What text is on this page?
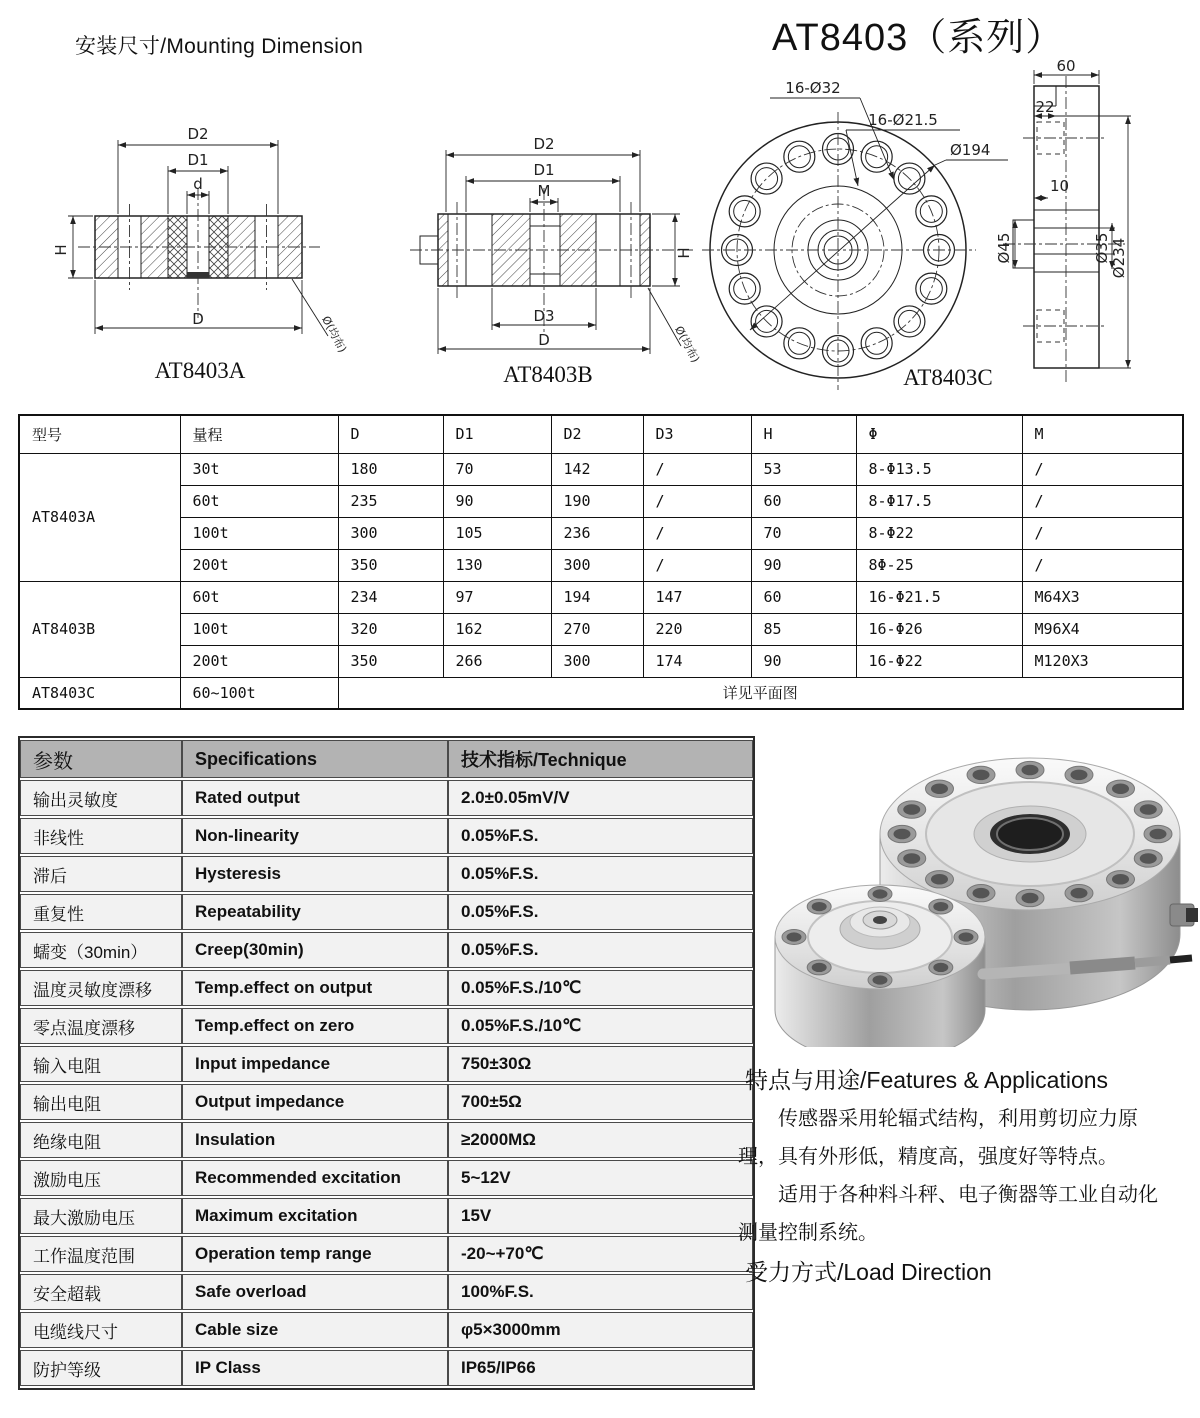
安装尺寸/Mounting Dimension	AT8403（系列）
D2
D1
d
H
D	Ø(均布)
AT8403A
D2
D1
M
H
D3
D	Ø(均布)
AT8403B
16-Ø32
16-Ø21.5
Ø194
AT8403C
60
22
10
Ø45	Ø35 Ø234
型号	量程	D	D1	D2	D3	H	Φ	M
AT8403A	30t	180	70	142	/	53	8-Φ13.5	/
	60t	235	90	190	/	60	8-Φ17.5	/
	100t	300	105	236	/	70	8-Φ22	/
	200t	350	130	300	/	90	8Φ-25	/
AT8403B	60t	234	97	194	147	60	16-Φ21.5	M64X3
	100t	320	162	270	220	85	16-Φ26	M96X4
	200t	350	266	300	174	90	16-Φ22	M120X3
AT8403C	60~100t	详见平面图						
参数	Specifications	技术指标/Technique
输出灵敏度	Rated output	2.0±0.05mV/V
非线性	Non-linearity	0.05%F.S.
滞后	Hysteresis	0.05%F.S.
重复性	Repeatability	0.05%F.S.
蠕变（30min）	Creep(30min)	0.05%F.S.
温度灵敏度漂移	Temp.effect on output	0.05%F.S./10℃
零点温度漂移	Temp.effect on zero	0.05%F.S./10℃
输入电阻	Input impedance	750±30Ω
输出电阻	Output impedance	700±5Ω
绝缘电阻	Insulation	≥2000MΩ
激励电压	Recommended excitation	5~12V
最大激励电压	Maximum excitation	15V
工作温度范围	Operation temp range	-20~+70℃
安全超载	Safe overload	100%F.S.
电缆线尺寸	Cable size	φ5×3000mm
防护等级	IP Class	IP65/IP66
特点与用途/Features & Applications

传感器采用轮辐式结构，利用剪切应力原理，具有外形低，精度高，强度好等特点。

适用于各种料斗秤、电子衡器等工业自动化测量控制系统。

受力方式/Load Direction
